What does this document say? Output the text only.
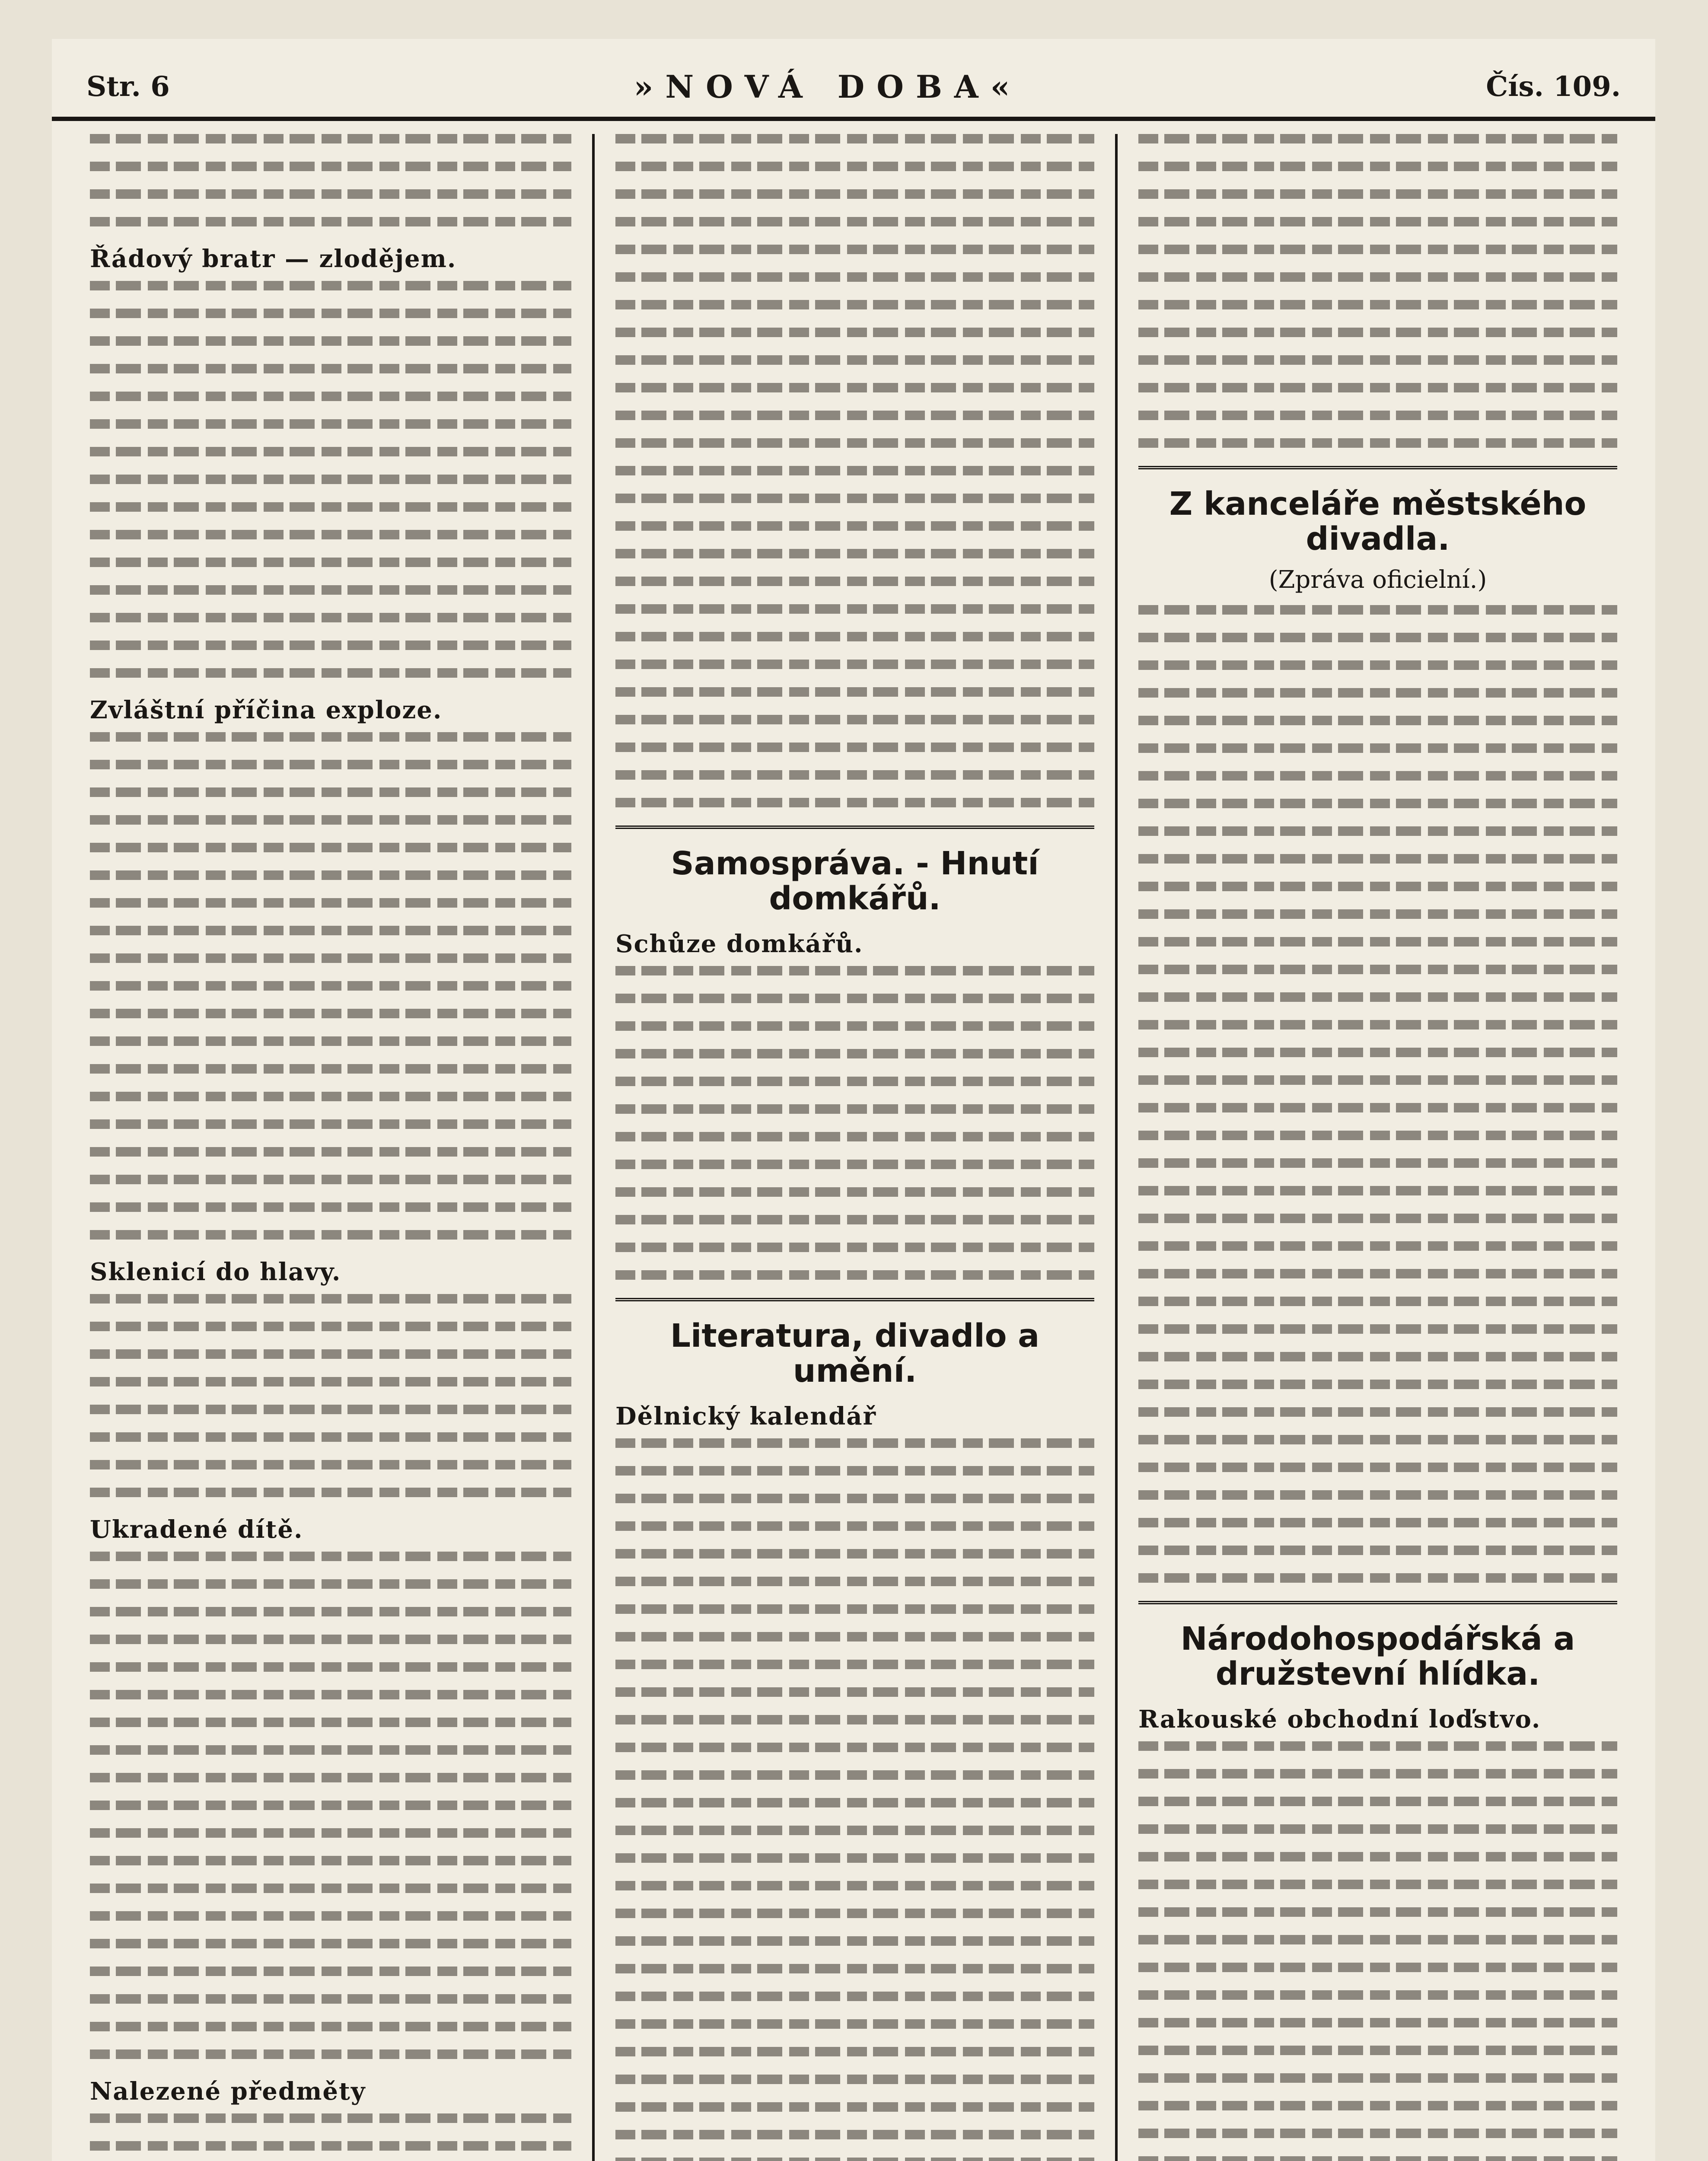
Str. 6	»NOVÁ DOBA«	Čís. 109.
Řádový bratr — zlodějem.
Zvláštní příčina exploze.
Sklenicí do hlavy.
Ukradené dítě.
Nalezené předměty
Samospráva. - Hnutí domkářů.
Schůze domkářů.
Literatura, divadlo a umění.
Dělnický kalendář
Z kanceláře městského divadla.
(Zpráva oficielní.)
Národohospodářská a družstevní hlídka.
Rakouské obchodní loďstvo.
